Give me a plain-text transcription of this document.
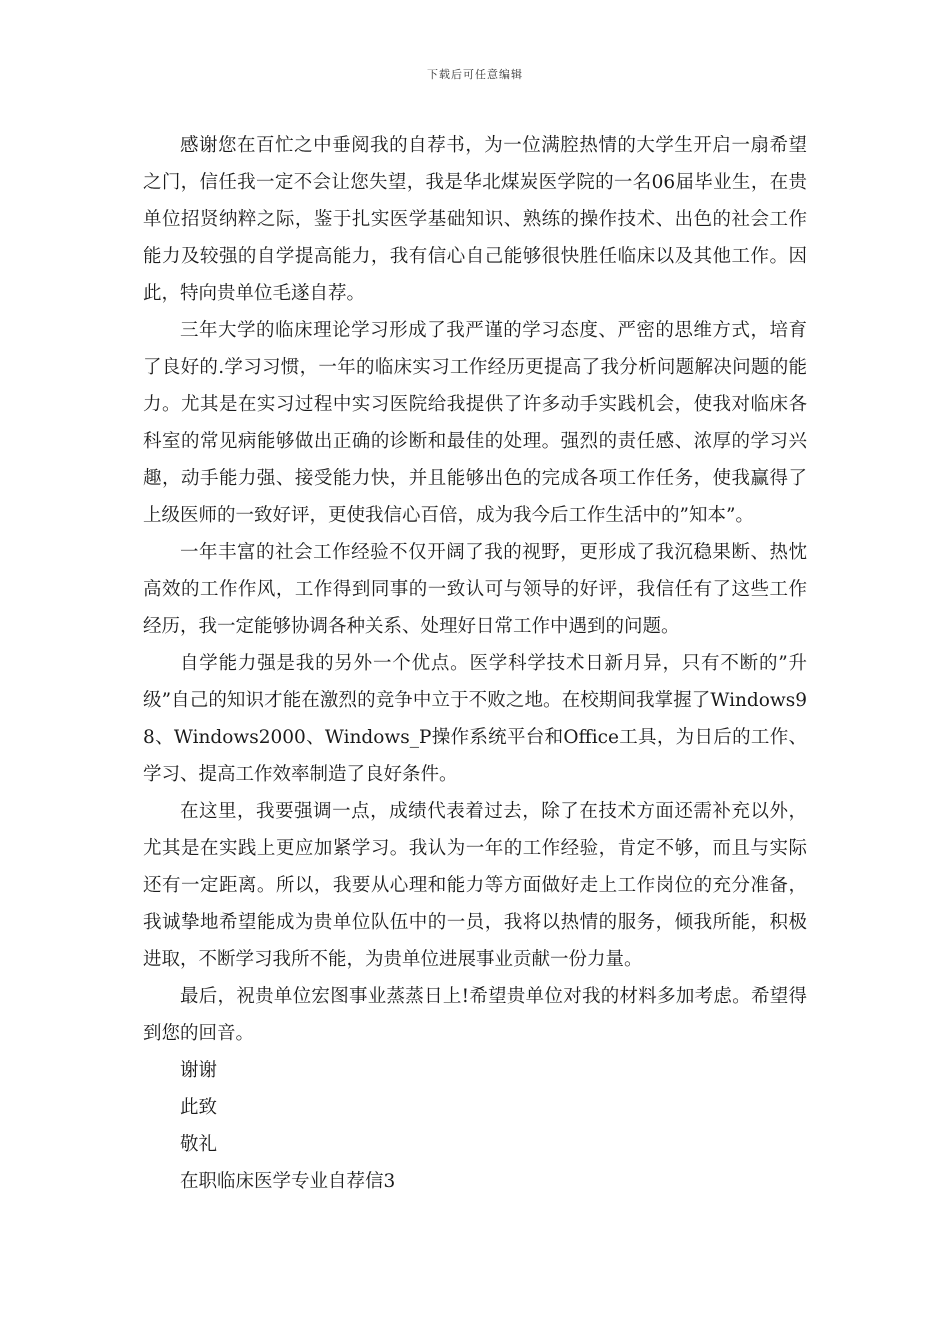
下载后可任意编辑

感谢您在百忙之中垂阅我的自荐书，为一位满腔热情的大学生开启一扇希望之门，信任我一定不会让您失望，我是华北煤炭医学院的一名06届毕业生，在贵单位招贤纳粹之际，鉴于扎实医学基础知识、熟练的操作技术、出色的社会工作能力及较强的自学提高能力，我有信心自己能够很快胜任临床以及其他工作。因此，特向贵单位毛遂自荐。

三年大学的临床理论学习形成了我严谨的学习态度、严密的思维方式，培育了良好的.学习习惯，一年的临床实习工作经历更提高了我分析问题解决问题的能力。尤其是在实习过程中实习医院给我提供了许多动手实践机会，使我对临床各科室的常见病能够做出正确的诊断和最佳的处理。强烈的责任感、浓厚的学习兴趣，动手能力强、接受能力快，并且能够出色的完成各项工作任务，使我赢得了上级医师的一致好评，更使我信心百倍，成为我今后工作生活中的”知本”。

一年丰富的社会工作经验不仅开阔了我的视野，更形成了我沉稳果断、热忱高效的工作作风，工作得到同事的一致认可与领导的好评，我信任有了这些工作经历，我一定能够协调各种关系、处理好日常工作中遇到的问题。

自学能力强是我的另外一个优点。医学科学技术日新月异，只有不断的”升级”自己的知识才能在激烈的竞争中立于不败之地。在校期间我掌握了Windows98、Windows2000、Windows_P操作系统平台和Office工具，为日后的工作、学习、提高工作效率制造了良好条件。

在这里，我要强调一点，成绩代表着过去，除了在技术方面还需补充以外，尤其是在实践上更应加紧学习。我认为一年的工作经验，肯定不够，而且与实际还有一定距离。所以，我要从心理和能力等方面做好走上工作岗位的充分准备，我诚挚地希望能成为贵单位队伍中的一员，我将以热情的服务，倾我所能，积极进取，不断学习我所不能，为贵单位进展事业贡献一份力量。

最后，祝贵单位宏图事业蒸蒸日上!希望贵单位对我的材料多加考虑。希望得到您的回音。

谢谢

此致

敬礼

在职临床医学专业自荐信3
